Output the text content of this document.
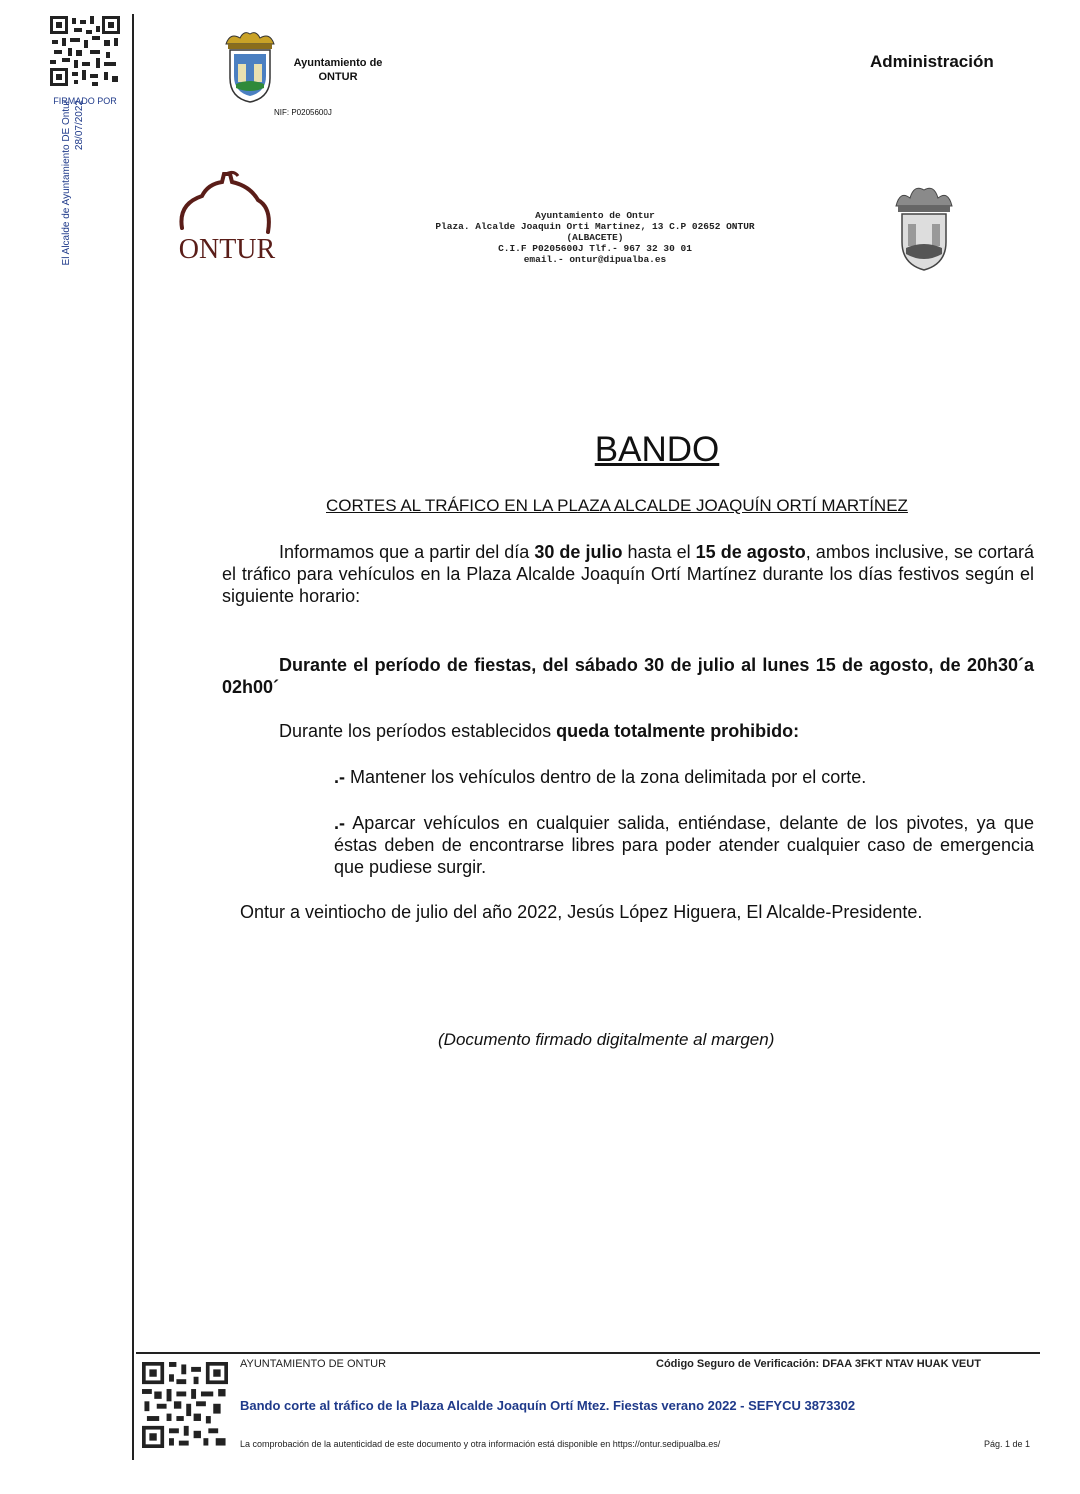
FIRMADO POR
El Alcalde de Ayuntamiento DE Ontur 28/07/2022
Ayuntamiento de
ONTUR
NIF: P0205600J
Administración
ONTUR
Ayuntamiento de Ontur
Plaza. Alcalde Joaquin Orti Martinez, 13 C.P 02652 ONTUR
(ALBACETE)
C.I.F P0205600J Tlf.- 967 32 30 01
email.- ontur@dipualba.es
BANDO
CORTES AL TRÁFICO EN LA PLAZA ALCALDE JOAQUÍN ORTÍ MARTÍNEZ
Informamos que a partir del día 30 de julio hasta el 15 de agosto, ambos inclusive, se cortará el tráfico para vehículos en la Plaza Alcalde Joaquín Ortí Martínez durante los días festivos según el siguiente horario:
Durante el período de fiestas, del sábado 30 de julio al lunes 15 de agosto, de 20h30´a 02h00´
Durante los períodos establecidos queda totalmente prohibido:
.- Mantener los vehículos dentro de la zona delimitada por el corte.
.- Aparcar vehículos en cualquier salida, entiéndase, delante de los pivotes, ya que éstas deben de encontrarse libres para poder atender cualquier caso de emergencia que pudiese surgir.
Ontur a veintiocho de julio del año 2022, Jesús López Higuera, El Alcalde-Presidente.
(Documento firmado digitalmente al margen)
AYUNTAMIENTO DE ONTUR	Código Seguro de Verificación: DFAA 3FKT NTAV HUAK VEUT
Bando corte al tráfico de la Plaza Alcalde Joaquín Ortí Mtez. Fiestas verano 2022 - SEFYCU 3873302
La comprobación de la autenticidad de este documento y otra información está disponible en https://ontur.sedipualba.es/	Pág. 1 de 1
